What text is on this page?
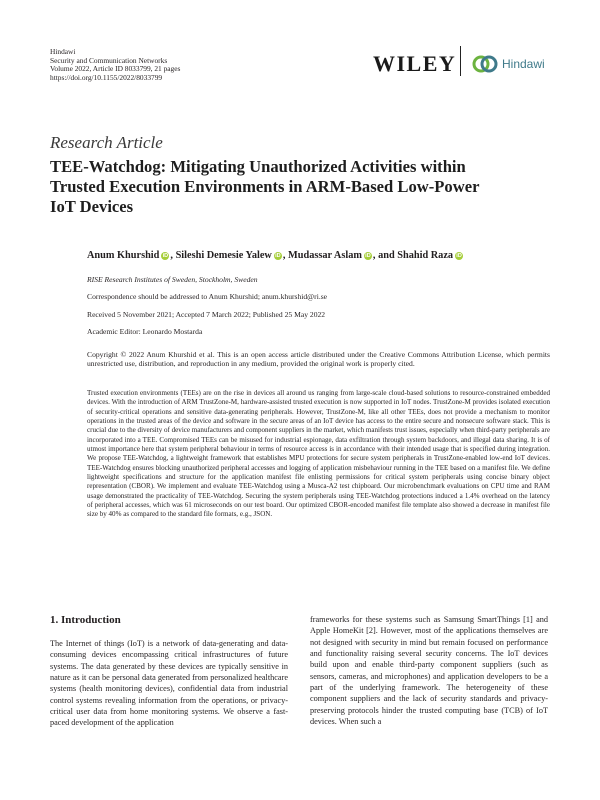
Hindawi
Security and Communication Networks
Volume 2022, Article ID 8033799, 21 pages
https://doi.org/10.1155/2022/8033799
WILEY	Hindawi
Research Article
TEE-Watchdog: Mitigating Unauthorized Activities within
Trusted Execution Environments in ARM-Based Low-Power
IoT Devices
Anum Khurshid iD , Sileshi Demesie Yalew iD , Mudassar Aslam iD , and Shahid Raza iD
RISE Research Institutes of Sweden, Stockholm, Sweden
Correspondence should be addressed to Anum Khurshid; anum.khurshid@ri.se
Received 5 November 2021; Accepted 7 March 2022; Published 25 May 2022
Academic Editor: Leonardo Mostarda
Copyright © 2022 Anum Khurshid et al. This is an open access article distributed under the Creative Commons Attribution License, which permits unrestricted use, distribution, and reproduction in any medium, provided the original work is properly cited.
Trusted execution environments (TEEs) are on the rise in devices all around us ranging from large-scale cloud-based solutions to resource-constrained embedded devices. With the introduction of ARM TrustZone-M, hardware-assisted trusted execution is now supported in IoT nodes. TrustZone-M provides isolated execution of security-critical operations and sensitive data-generating peripherals. However, TrustZone-M, like all other TEEs, does not provide a mechanism to monitor operations in the trusted areas of the device and software in the secure areas of an IoT device has access to the entire secure and nonsecure software stack. This is crucial due to the diversity of device manufacturers and component suppliers in the market, which manifests trust issues, especially when third-party peripherals are incorporated into a TEE. Compromised TEEs can be misused for industrial espionage, data exfiltration through system backdoors, and illegal data sharing. It is of utmost importance here that system peripheral behaviour in terms of resource access is in accordance with their intended usage that is specified during integration. We propose TEE-Watchdog, a lightweight framework that establishes MPU protections for secure system peripherals in TrustZone-enabled low-end IoT devices. TEE-Watchdog ensures blocking unauthorized peripheral accesses and logging of application misbehaviour running in the TEE based on a manifest file. We define lightweight specifications and structure for the application manifest file enlisting permissions for critical system peripherals using concise binary object representation (CBOR). We implement and evaluate TEE-Watchdog using a Musca-A2 test chipboard. Our microbenchmark evaluations on CPU time and RAM usage demonstrated the practicality of TEE-Watchdog. Securing the system peripherals using TEE-Watchdog protections induced a 1.4% overhead on the latency of peripheral accesses, which was 61 microseconds on our test board. Our optimized CBOR-encoded manifest file template also showed a decrease in manifest file size by 40% as compared to the standard file formats, e.g., JSON.
1. Introduction
The Internet of things (IoT) is a network of data-generating and data-consuming devices encompassing critical infrastructures of future systems. The data generated by these devices are typically sensitive in nature as it can be personal data generated from personalized healthcare systems (health monitoring devices), confidential data from industrial control systems revealing information from the operations, or privacy-critical user data from home monitoring systems. We observe a fast-paced development of the application
frameworks for these systems such as Samsung SmartThings [1] and Apple HomeKit [2]. However, most of the applications themselves are not designed with security in mind but remain focused on performance and functionality raising several security concerns. The IoT devices build upon and enable third-party component suppliers (such as sensors, cameras, and microphones) and application developers to be a part of the underlying framework. The heterogeneity of these component suppliers and the lack of security standards and privacy-preserving protocols hinder the trusted computing base (TCB) of IoT devices. When such a
